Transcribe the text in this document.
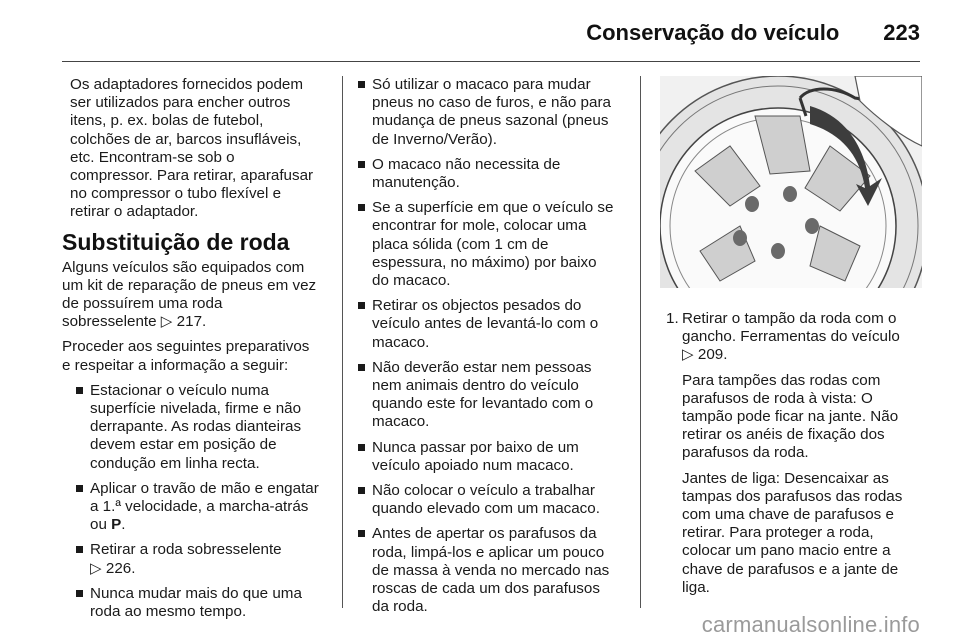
Conservação do veículo 223

Os adaptadores fornecidos podem
ser utilizados para encher outros
itens, p. ex. bolas de futebol,
colchões de ar, barcos insufláveis,
etc. Encontram-se sob o
compressor. Para retirar, aparafusar
no compressor o tubo flexível e
retirar o adaptador.

Substituição de roda

Alguns veículos são equipados com
um kit de reparação de pneus em vez
de possuírem uma roda
sobresselente ▷ 217.

Proceder aos seguintes preparativos
e respeitar a informação a seguir:

Estacionar o veículo numa
superfície nivelada, firme e não
derrapante. As rodas dianteiras
devem estar em posição de
condução em linha recta.
Aplicar o travão de mão e engatar
a 1.ª velocidade, a marcha-atrás
ou P.
Retirar a roda sobresselente
▷ 226.
Nunca mudar mais do que uma
roda ao mesmo tempo.
Só utilizar o macaco para mudar
pneus no caso de furos, e não para
mudança de pneus sazonal (pneus
de Inverno/Verão).
O macaco não necessita de
manutenção.
Se a superfície em que o veículo se
encontrar for mole, colocar uma
placa sólida (com 1 cm de
espessura, no máximo) por baixo
do macaco.
Retirar os objectos pesados do
veículo antes de levantá-lo com o
macaco.
Não deverão estar nem pessoas
nem animais dentro do veículo
quando este for levantado com o
macaco.
Nunca passar por baixo de um
veículo apoiado num macaco.
Não colocar o veículo a trabalhar
quando elevado com um macaco.
Antes de apertar os parafusos da
roda, limpá-los e aplicar um pouco
de massa à venda no mercado nas
roscas de cada um dos parafusos
da roda.
1. Retirar o tampão da roda com o
gancho. Ferramentas do veículo
▷ 209.

Para tampões das rodas com
parafusos de roda à vista: O
tampão pode ficar na jante. Não
retirar os anéis de fixação dos
parafusos da roda.

Jantes de liga: Desencaixar as
tampas dos parafusos das rodas
com uma chave de parafusos e
retirar. Para proteger a roda,
colocar um pano macio entre a
chave de parafusos e a jante de
liga.

carmanualsonline.info
